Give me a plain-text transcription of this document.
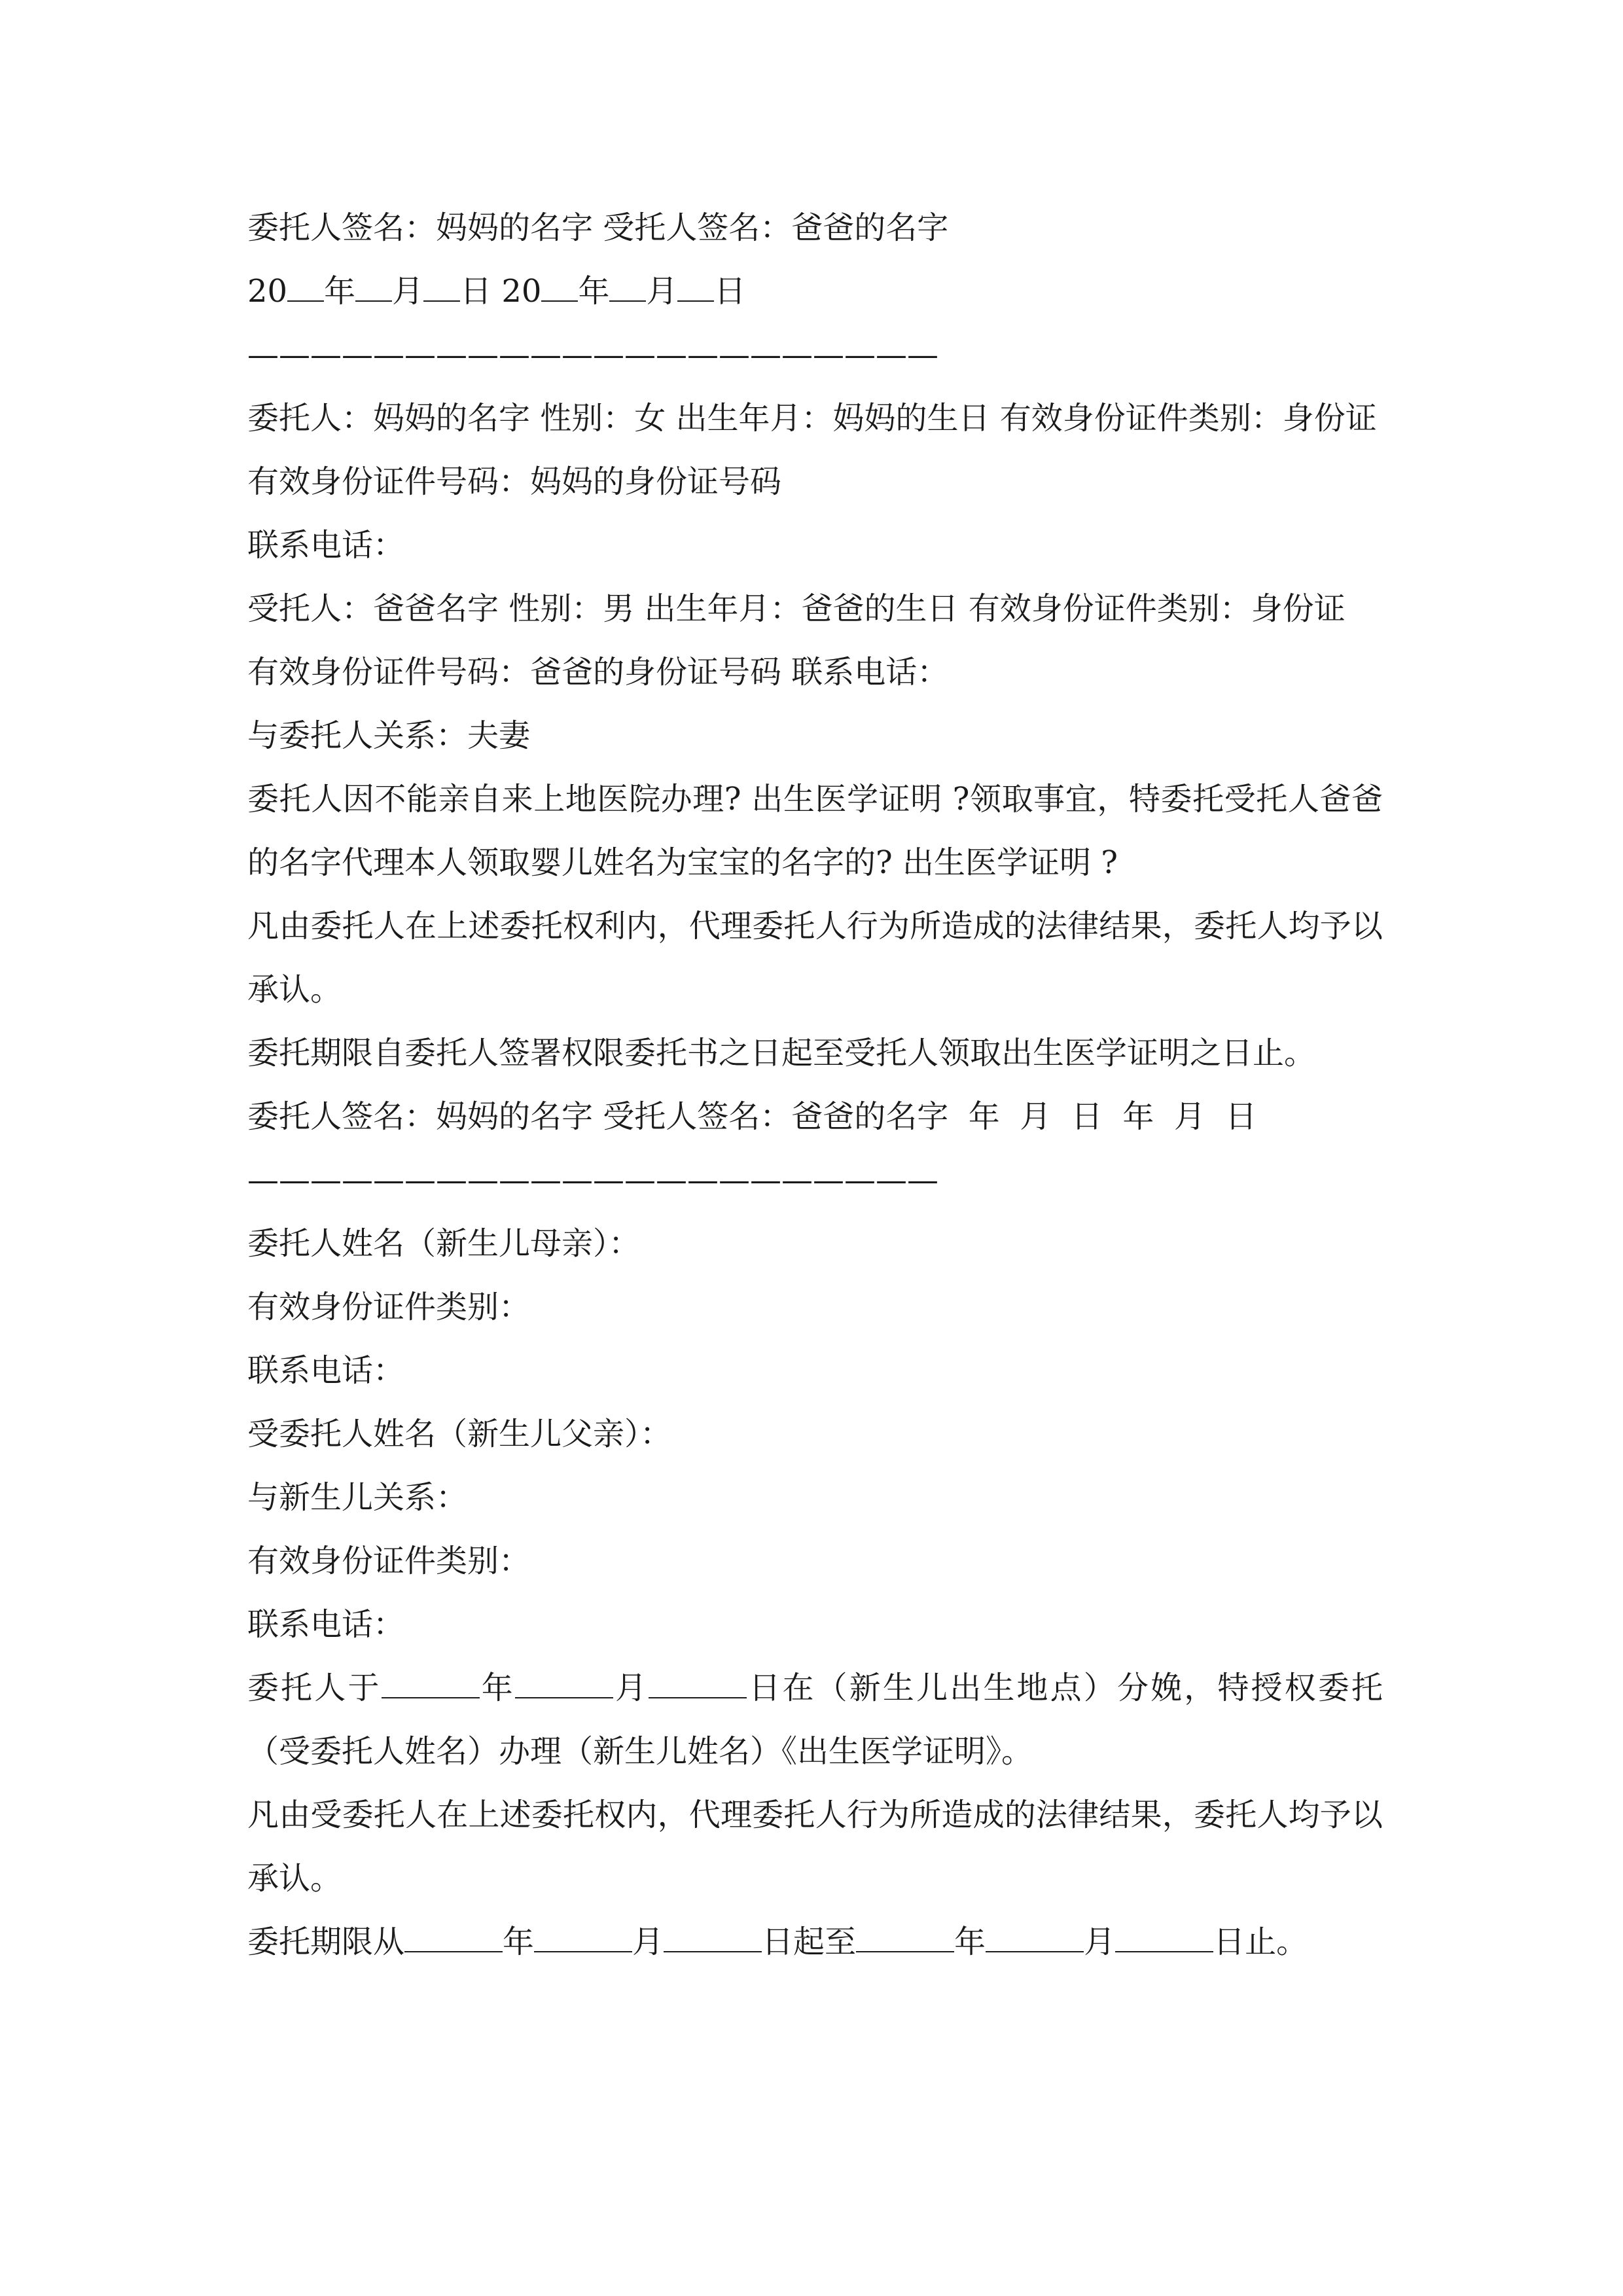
委托人签名：妈妈的名字 受托人签名：爸爸的名字
20 年 月 日 20 年 月 日
——————————————————————
委托人：妈妈的名字 性别：女 出生年月：妈妈的生日 有效身份证件类别：身份证
有效身份证件号码：妈妈的身份证号码
联系电话：
受托人：爸爸名字 性别：男 出生年月：爸爸的生日 有效身份证件类别：身份证
有效身份证件号码：爸爸的身份证号码 联系电话：
与委托人关系：夫妻
委托人因不能亲自来上地医院办理? 出生医学证明 ?领取事宜，特委托受托人爸爸的名字代理本人领取婴儿姓名为宝宝的名字的? 出生医学证明 ?
凡由委托人在上述委托权利内，代理委托人行为所造成的法律结果，委托人均予以承认。
委托期限自委托人签署权限委托书之日起至受托人领取出生医学证明之日止。
委托人签名：妈妈的名字 受托人签名：爸爸的名字  年  月  日  年  月  日
——————————————————————
委托人姓名（新生儿母亲）：
有效身份证件类别：
联系电话：
受委托人姓名（新生儿父亲）：
与新生儿关系：
有效身份证件类别：
联系电话：
委托人于	年	月	日在（新生儿出生地点）分娩，特授权委托（受委托人姓名）办理（新生儿姓名）《出生医学证明》。
凡由受委托人在上述委托权内，代理委托人行为所造成的法律结果，委托人均予以承认。
委托期限从	年	月	日起至	年	月	日止。
